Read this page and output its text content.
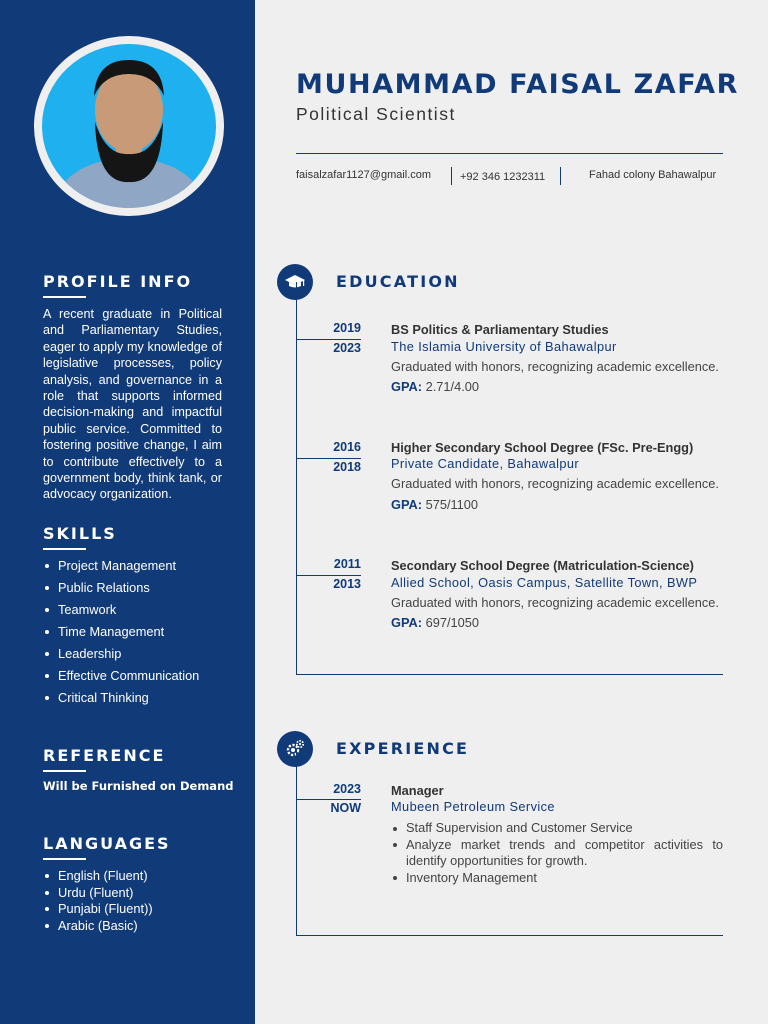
PROFILE INFO
A recent graduate in Political and Parliamentary Studies, eager to apply my knowledge of legislative processes, policy analysis, and governance in a role that supports informed decision-making and impactful public service. Committed to fostering positive change, I aim to contribute effectively to a government body, think tank, or advocacy organization.
SKILLS
Project Management
Public Relations
Teamwork
Time Management
Leadership
Effective Communication
Critical Thinking
REFERENCE
Will be Furnished on Demand
LANGUAGES
English (Fluent)
Urdu (Fluent)
Punjabi (Fluent))
Arabic (Basic)
MUHAMMAD FAISAL ZAFAR
Political Scientist
faisalzafar1127@gmail.com	+92 346 1232311	Fahad colony Bahawalpur
EDUCATION
2019
2023
BS Politics & Parliamentary Studies
The Islamia University of Bahawalpur
Graduated with honors, recognizing academic excellence.
GPA: 2.71/4.00
2016
2018
Higher Secondary School Degree (FSc. Pre-Engg)
Private Candidate, Bahawalpur
Graduated with honors, recognizing academic excellence.
GPA: 575/1100
2011
2013
Secondary School Degree (Matriculation-Science)
Allied School, Oasis Campus, Satellite Town, BWP
Graduated with honors, recognizing academic excellence.
GPA: 697/1050
EXPERIENCE
2023
NOW
Manager
Mubeen Petroleum Service
Staff Supervision and Customer Service
Analyze market trends and competitor activities to identify opportunities for growth.
Inventory Management
